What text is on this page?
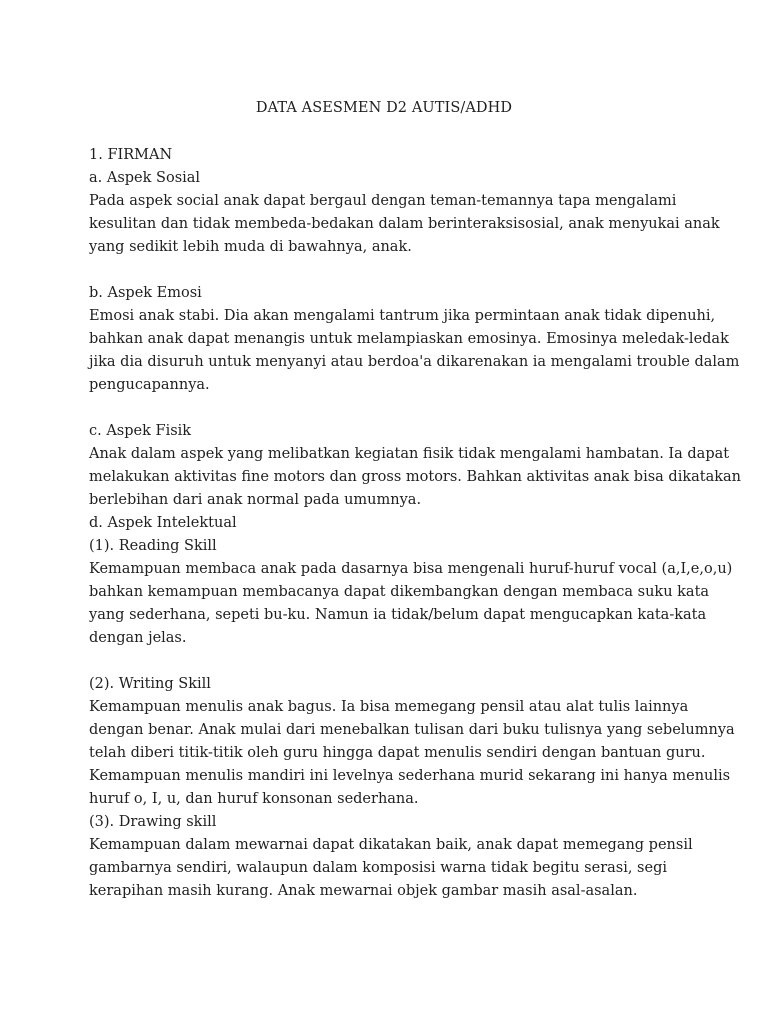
DATA ASESMEN D2 AUTIS/ADHD
1. FIRMAN
a. Aspek Sosial
Pada aspek social anak dapat bergaul dengan teman-temannya tapa mengalami
kesulitan dan tidak membeda-bedakan dalam berinteraksisosial, anak menyukai anak
yang sedikit lebih muda di bawahnya, anak.
b. Aspek Emosi
Emosi anak stabi. Dia akan mengalami tantrum jika permintaan anak tidak dipenuhi,
bahkan anak dapat menangis untuk melampiaskan emosinya. Emosinya meledak-ledak
jika dia disuruh untuk menyanyi atau berdoa'a dikarenakan ia mengalami trouble dalam
pengucapannya.
c. Aspek Fisik
Anak dalam aspek yang melibatkan kegiatan fisik tidak mengalami hambatan. Ia dapat
melakukan aktivitas fine motors dan gross motors. Bahkan aktivitas anak bisa dikatakan
berlebihan dari anak normal pada umumnya.
d. Aspek Intelektual
(1). Reading Skill
Kemampuan membaca anak pada dasarnya bisa mengenali huruf-huruf vocal (a,I,e,o,u)
bahkan kemampuan membacanya dapat dikembangkan dengan membaca suku kata
yang sederhana, sepeti bu-ku. Namun ia tidak/belum dapat mengucapkan kata-kata
dengan jelas.
(2). Writing Skill
Kemampuan menulis anak bagus. Ia bisa memegang pensil atau alat tulis lainnya
dengan benar. Anak mulai dari menebalkan tulisan dari buku tulisnya yang sebelumnya
telah diberi titik-titik oleh guru hingga dapat menulis sendiri dengan bantuan guru.
Kemampuan menulis mandiri ini levelnya sederhana murid sekarang ini hanya menulis
huruf o, I, u, dan huruf konsonan sederhana.
(3). Drawing skill
Kemampuan dalam mewarnai dapat dikatakan baik, anak dapat memegang pensil
gambarnya sendiri, walaupun dalam komposisi warna tidak begitu serasi, segi
kerapihan masih kurang. Anak mewarnai objek gambar masih asal-asalan.
